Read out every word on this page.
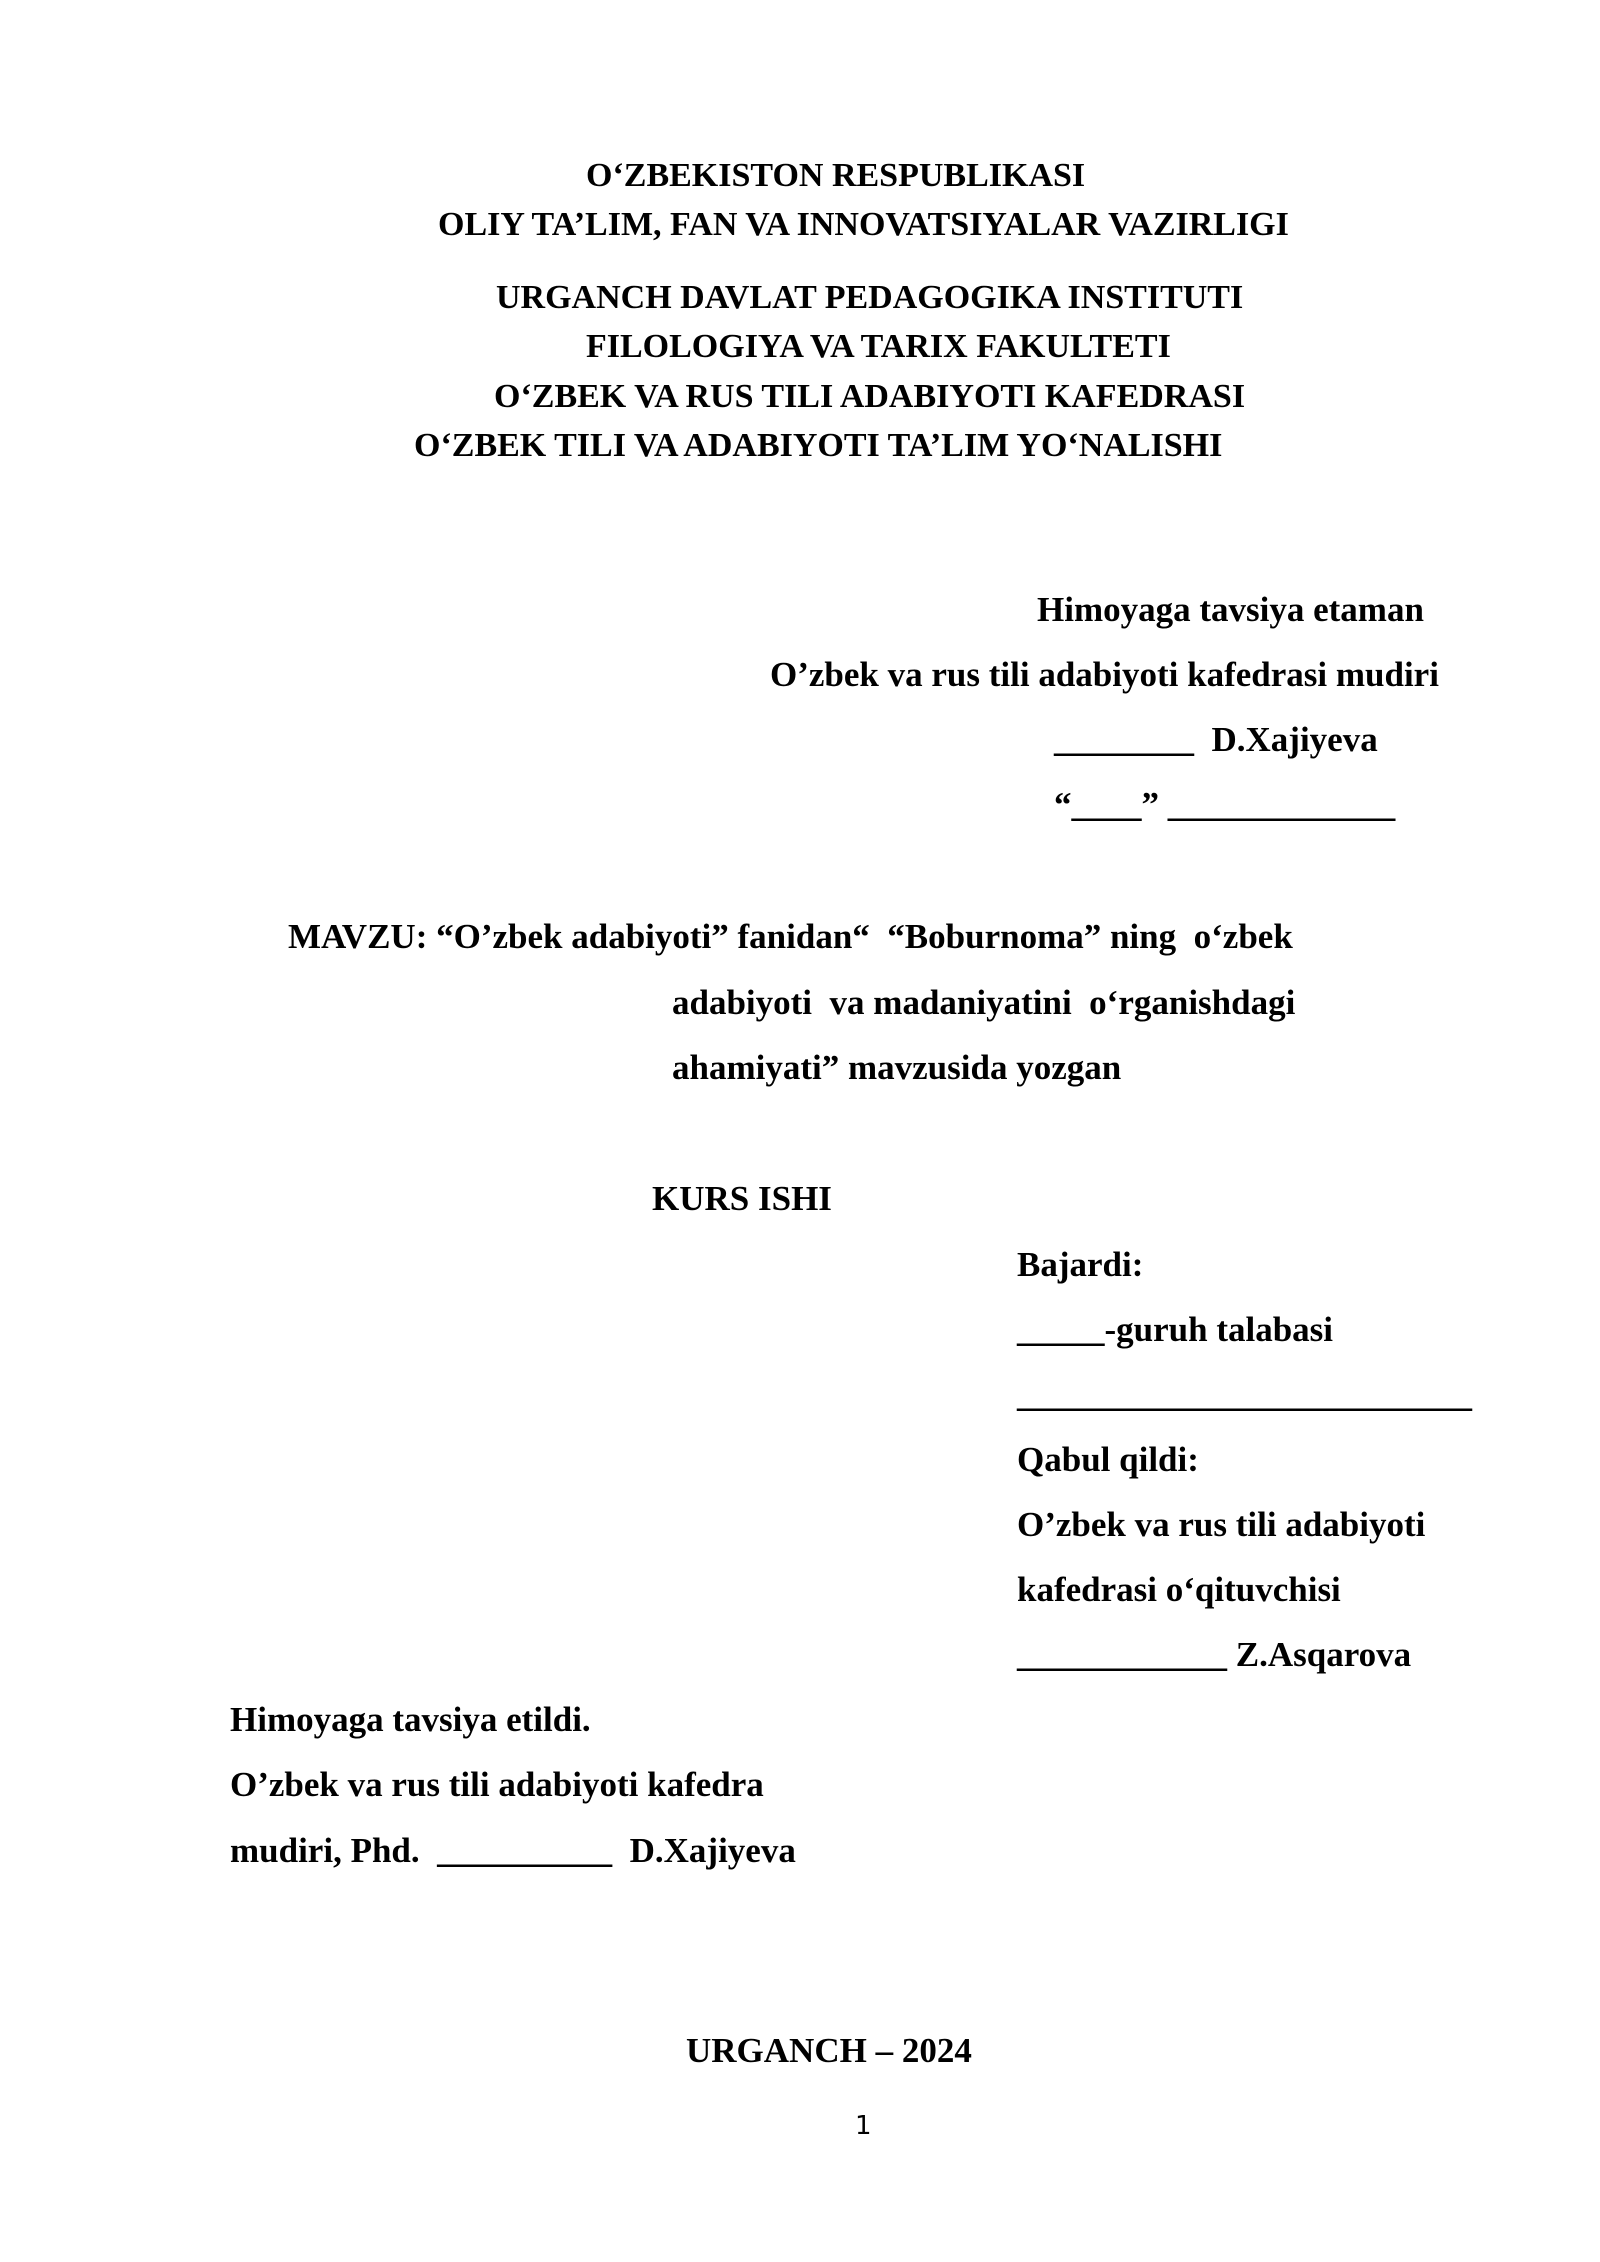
O‘ZBEKISTON RESPUBLIKASI
OLIY TA’LIM, FAN VA INNOVATSIYALAR VAZIRLIGI
URGANCH DAVLAT PEDAGOGIKA INSTITUTI
FILOLOGIYA VA TARIX FAKULTETI
O‘ZBEK VA RUS TILI ADABIYOTI KAFEDRASI
O‘ZBEK TILI VA ADABIYOTI TA’LIM YO‘NALISHI
Himoyaga tavsiya etaman
O’zbek va rus tili adabiyoti kafedrasi mudiri
________  D.Xajiyeva
“____” _____________
MAVZU: “O’zbek adabiyoti” fanidan“  “Boburnoma” ning  o‘zbek
adabiyoti  va madaniyatini  o‘rganishdagi
ahamiyati” mavzusida yozgan
KURS ISHI
Bajardi:
_____-guruh talabasi
__________________________
Qabul qildi:
O’zbek va rus tili adabiyoti
kafedrasi o‘qituvchisi
____________ Z.Asqarova
Himoyaga tavsiya etildi.
O’zbek va rus tili adabiyoti kafedra
mudiri, Phd.  __________  D.Xajiyeva
URGANCH – 2024
1
